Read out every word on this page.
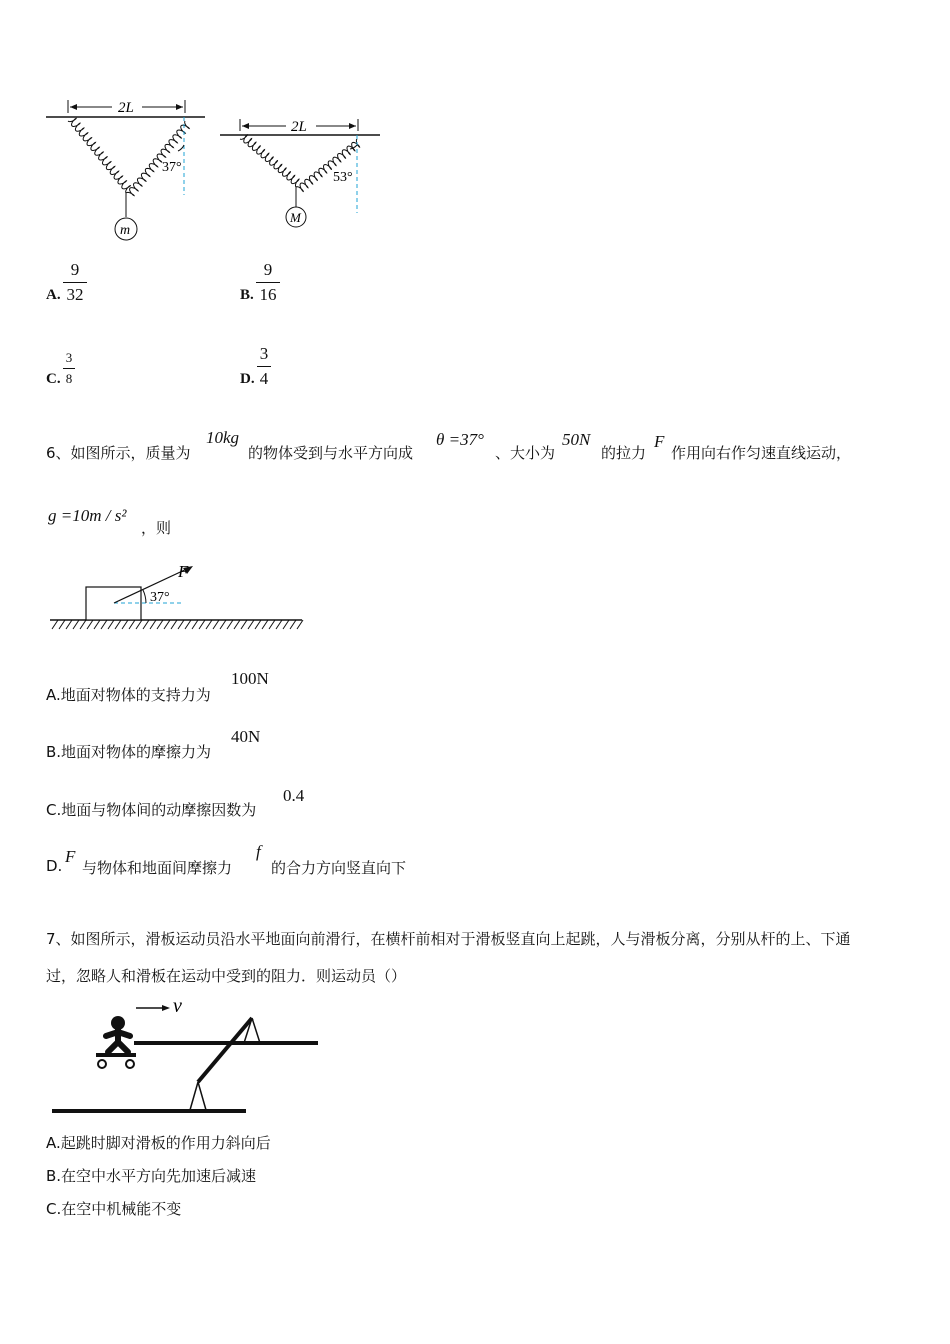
2L
m
37°
2L
M
53°
A.
9
32	B.
9
16
C.
3
8	D.
3
4
6、如图所示，质量为
10kg
的物体受到与水平方向成
θ =37°
、大小为
50N
的拉力
F
作用向右作匀速直线运动，
g =10m / s²
，则
37°
F
A.地面对物体的支持力为
100N
B.地面对物体的摩擦力为
40N
C.地面与物体间的动摩擦因数为
0.4
D. F
与物体和地面间摩擦力
f
的合力方向竖直向下
7、如图所示，滑板运动员沿水平地面向前滑行，在横杆前相对于滑板竖直向上起跳，人与滑板分离，分别从杆的上、下通
过，忽略人和滑板在运动中受到的阻力．则运动员（）
v
A.起跳时脚对滑板的作用力斜向后
B.在空中水平方向先加速后减速
C.在空中机械能不变
